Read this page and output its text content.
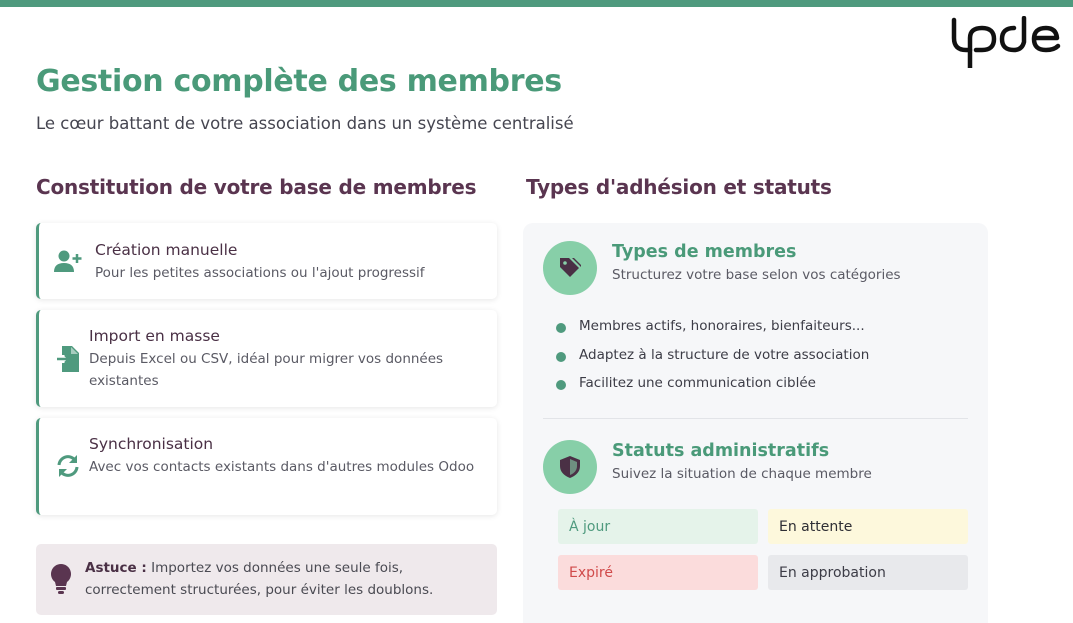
Gestion complète des membres
Le cœur battant de votre association dans un système centralisé
Constitution de votre base de membres Types d'adhésion et statuts
Création manuelle
Pour les petites associations ou l'ajout progressif
Import en masse
Depuis Excel ou CSV, idéal pour migrer vos données existantes
Synchronisation
Avec vos contacts existants dans d'autres modules Odoo
Astuce : Importez vos données une seule fois, correctement structurées, pour éviter les doublons.
Types de membres
Structurez votre base selon vos catégories
Membres actifs, honoraires, bienfaiteurs...
Adaptez à la structure de votre association
Facilitez une communication ciblée
Statuts administratifs
Suivez la situation de chaque membre
À jour	En attente
Expiré	En approbation
